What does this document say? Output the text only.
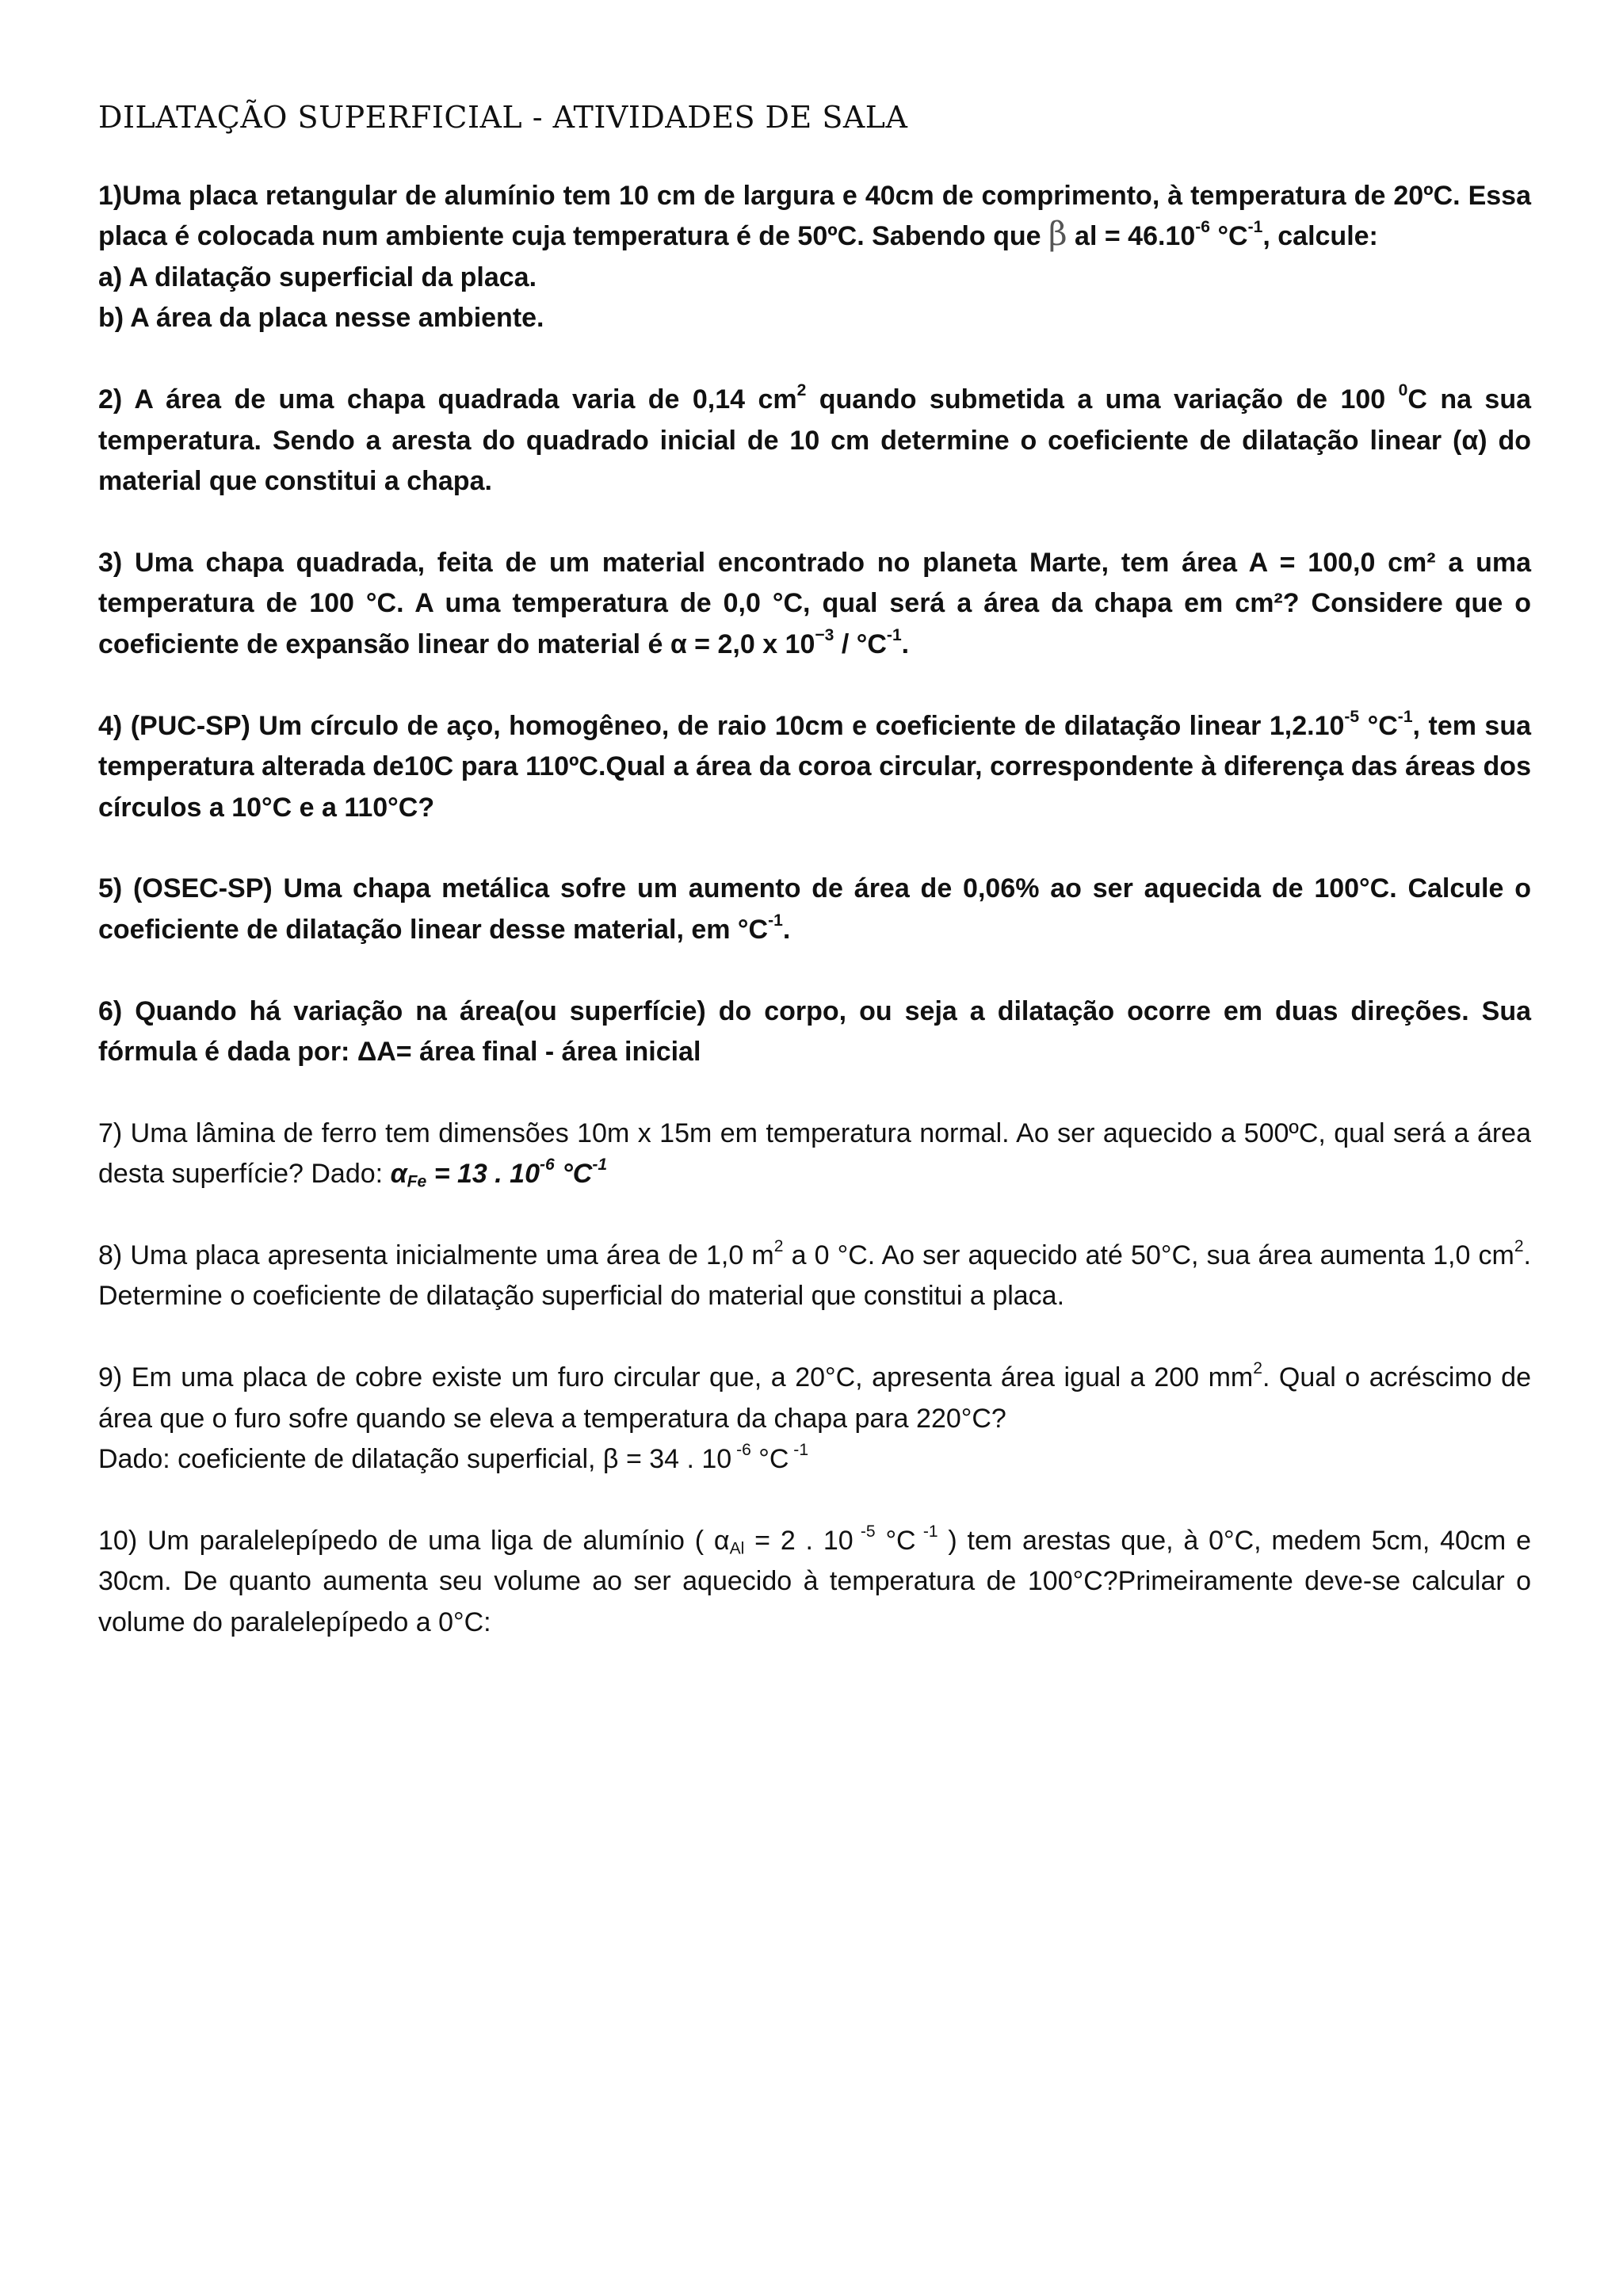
DILATAÇÃO SUPERFICIAL - ATIVIDADES DE SALA

1)Uma placa retangular de alumínio tem 10 cm de largura e 40cm de comprimento, à temperatura de 20ºC. Essa placa é colocada num ambiente cuja temperatura é de 50ºC. Sabendo que β al = $46.10^{-6}$ $^\circ C^{-1}$, calcule:

a) A dilatação superficial da placa.

b) A área da placa nesse ambiente.

2) A área de uma chapa quadrada varia de 0,14 $cm^2$ quando submetida a uma variação de 100 $^0$C na sua temperatura. Sendo a aresta do quadrado inicial de 10 cm determine o coeficiente de dilatação linear (α) do material que constitui a chapa.

3) Uma chapa quadrada, feita de um material encontrado no planeta Marte, tem área A = 100,0 cm² a uma temperatura de 100 °C. A uma temperatura de 0,0 °C, qual será a área da chapa em cm²? Considere que o coeficiente de expansão linear do material é α = 2,0 x $10^{-3} / ^\circ C^{-1}$.

4) (PUC-SP) Um círculo de aço, homogêneo, de raio 10cm e coeficiente de dilatação linear $1,2.10^{-5}$ $^\circ C^{-1}$, tem sua temperatura alterada de10C para 110ºC.Qual a área da coroa circular, correspondente à diferença das áreas dos círculos a 10°C e a 110°C?

5) (OSEC-SP) Uma chapa metálica sofre um aumento de área de 0,06% ao ser aquecida de 100°C. Calcule o coeficiente de dilatação linear desse material, em $^\circ C^{-1}$.

6) Quando há variação na área(ou superfície) do corpo, ou seja a dilatação ocorre em duas direções. Sua fórmula é dada por: ΔA= área final - área inicial

7) Uma lâmina de ferro tem dimensões 10m x 15m em temperatura normal. Ao ser aquecido a 500ºC, qual será a área desta superfície? Dado: $\alpha_{Fe} = 13$ . $10^{-6}$ $^\circ C^{-1}$

8) Uma placa apresenta inicialmente uma área de 1,0 $m^2$ a 0 °C. Ao ser aquecido até 50°C, sua área aumenta 1,0 $cm^2$. Determine o coeficiente de dilatação superficial do material que constitui a placa.

9) Em uma placa de cobre existe um furo circular que, a 20°C, apresenta área igual a 200 $mm^2$. Qual o acréscimo de área que o furo sofre quando se eleva a temperatura da chapa para 220°C?

Dado: coeficiente de dilatação superficial, β = 34 . 10 $^{-6}$ °C $^{-1}$

10) Um paralelepípedo de uma liga de alumínio ( $\alpha_{Al} = 2$ . 10 $^{-5}$ °C $^{-1}$ ) tem arestas que, à 0°C, medem 5cm, 40cm e 30cm. De quanto aumenta seu volume ao ser aquecido à temperatura de 100°C?Primeiramente deve-se calcular o volume do paralelepípedo a 0°C:
